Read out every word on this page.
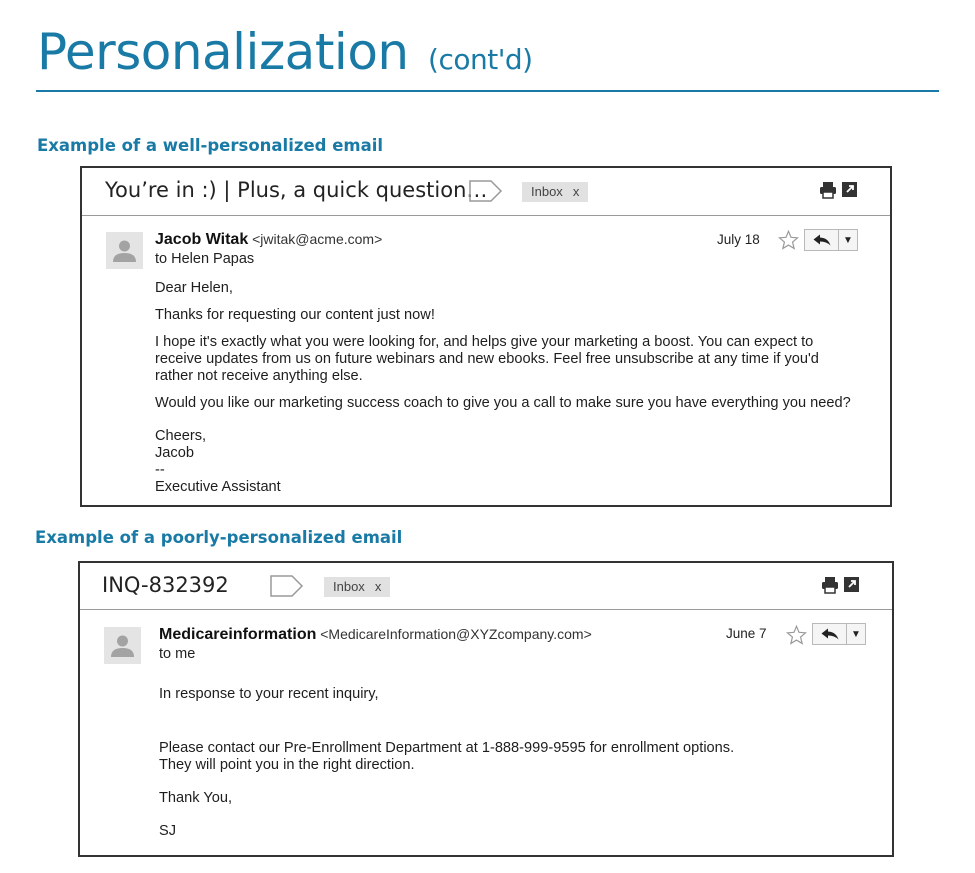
Personalization (cont'd)
Example of a well-personalized email
You’re in :) | Plus, a quick question…	Inbox x
Jacob Witak <jwitak@acme.com>
to Helen Papas
July 18	▼

Dear Helen,

Thanks for requesting our content just now!

I hope it's exactly what you were looking for, and helps give your marketing a boost. You can expect to

receive updates from us on future webinars and new ebooks. Feel free unsubscribe at any time if you'd

rather not receive anything else.

Would you like our marketing success coach to give you a call to make sure you have everything you need?

Cheers,

Jacob

--

Executive Assistant

Example of a poorly-personalized email
INQ-832392	Inbox x
Medicareinformation <MedicareInformation@XYZcompany.com>
to me
June 7	▼

In response to your recent inquiry,

Please contact our Pre-Enrollment Department at 1-888-999-9595 for enrollment options.

They will point you in the right direction.

Thank You,

SJ
